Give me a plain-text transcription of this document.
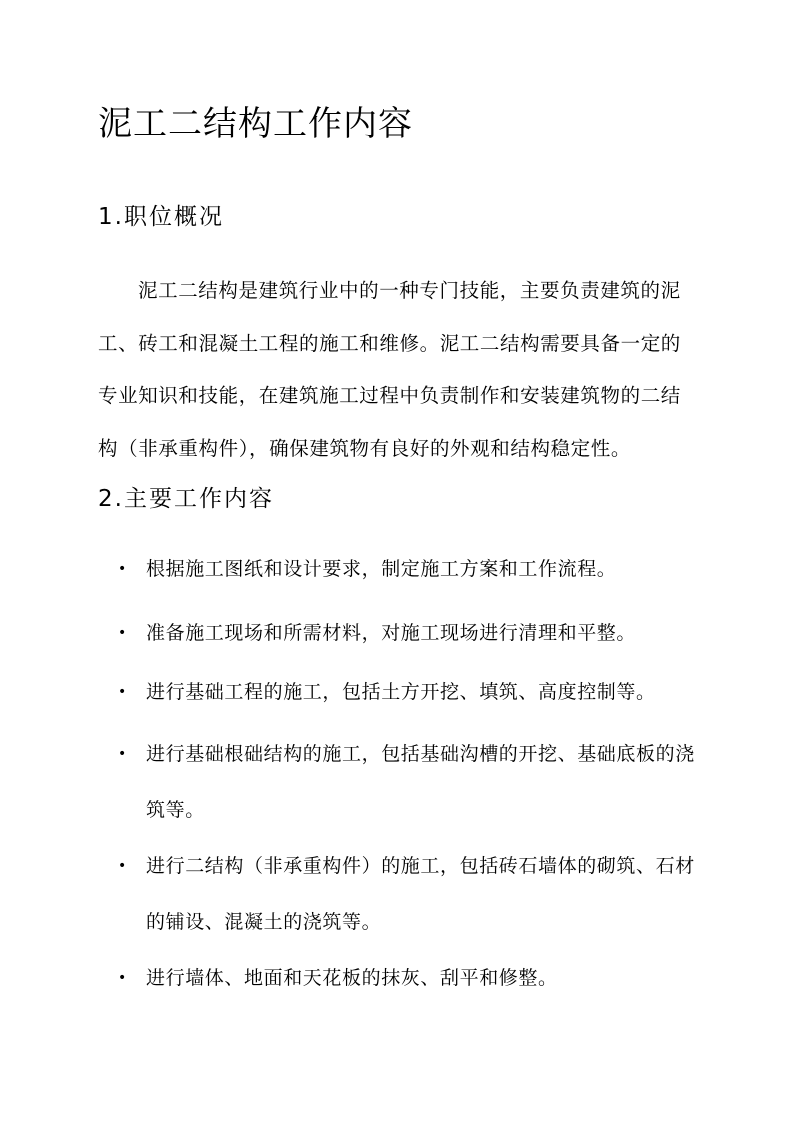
泥工二结构工作内容
1.职位概况

泥工二结构是建筑行业中的一种专门技能，主要负责建筑的泥
工、砖工和混凝土工程的施工和维修。泥工二结构需要具备一定的
专业知识和技能，在建筑施工过程中负责制作和安装建筑物的二结
构（非承重构件），确保建筑物有良好的外观和结构稳定性。

2.主要工作内容
•	根据施工图纸和设计要求，制定施工方案和工作流程。
•	准备施工现场和所需材料，对施工现场进行清理和平整。
•	进行基础工程的施工，包括土方开挖、填筑、高度控制等。
•	进行基础根础结构的施工，包括基础沟槽的开挖、基础底板的浇筑等。
•	进行二结构（非承重构件）的施工，包括砖石墙体的砌筑、石材的铺设、混凝土的浇筑等。
•	进行墙体、地面和天花板的抹灰、刮平和修整。
